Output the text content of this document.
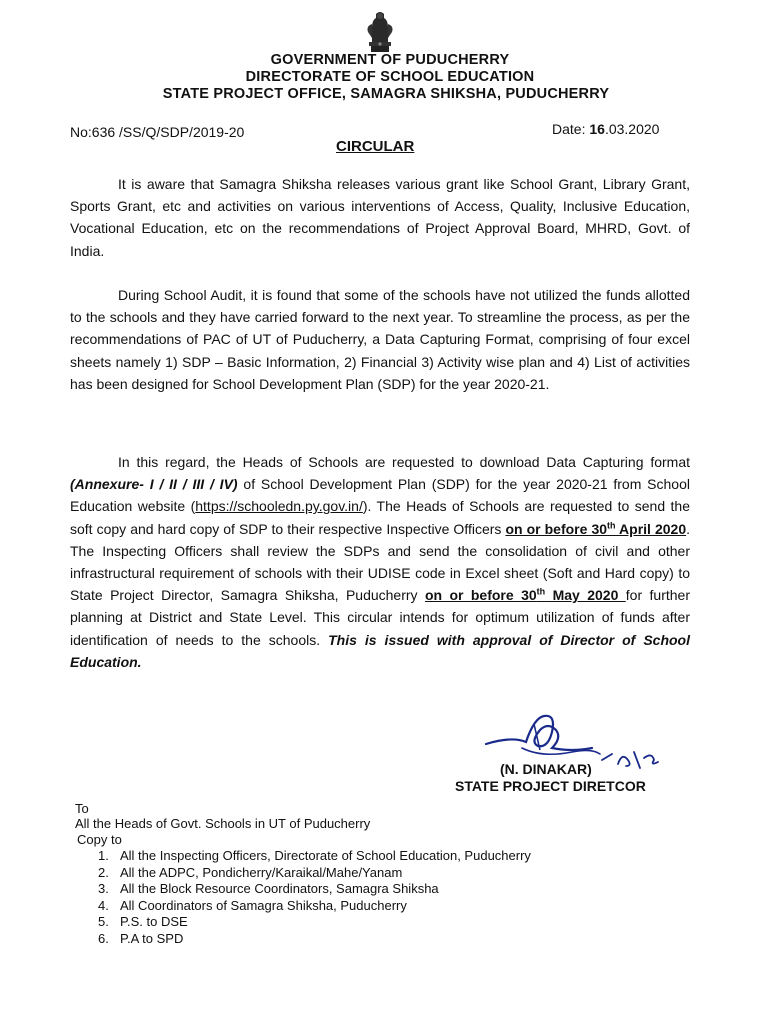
GOVERNMENT OF PUDUCHERRY
DIRECTORATE OF SCHOOL EDUCATION
STATE PROJECT OFFICE, SAMAGRA SHIKSHA, PUDUCHERRY
No:636 /SS/Q/SDP/2019-20	Date: 16.03.2020
CIRCULAR

It is aware that Samagra Shiksha releases various grant like School Grant, Library Grant, Sports Grant, etc and activities on various interventions of Access, Quality, Inclusive Education, Vocational Education, etc on the recommendations of Project Approval Board, MHRD, Govt. of India.

During School Audit, it is found that some of the schools have not utilized the funds allotted to the schools and they have carried forward to the next year. To streamline the process, as per the recommendations of PAC of UT of Puducherry, a Data Capturing Format, comprising of four excel sheets namely 1) SDP – Basic Information, 2) Financial 3) Activity wise plan and 4) List of activities has been designed for School Development Plan (SDP) for the year 2020-21.

In this regard, the Heads of Schools are requested to download Data Capturing format (Annexure- I / II / III / IV) of School Development Plan (SDP) for the year 2020-21 from School Education website (https://schooledn.py.gov.in/). The Heads of Schools are requested to send the soft copy and hard copy of SDP to their respective Inspective Officers on or before 30th April 2020. The Inspecting Officers shall review the SDPs and send the consolidation of civil and other infrastructural requirement of schools with their UDISE code in Excel sheet (Soft and Hard copy) to State Project Director, Samagra Shiksha, Puducherry on or before 30th May 2020 for further planning at District and State Level. This circular intends for optimum utilization of funds after identification of needs to the schools. This is issued with approval of Director of School Education.

(N. DINAKAR)
STATE PROJECT DIRETCOR
To
All the Heads of Govt. Schools in UT of Puducherry
Copy to
1. All the Inspecting Officers, Directorate of School Education, Puducherry
2. All the ADPC, Pondicherry/Karaikal/Mahe/Yanam
3. All the Block Resource Coordinators, Samagra Shiksha
4. All Coordinators of Samagra Shiksha, Puducherry
5. P.S. to DSE
6. P.A to SPD
